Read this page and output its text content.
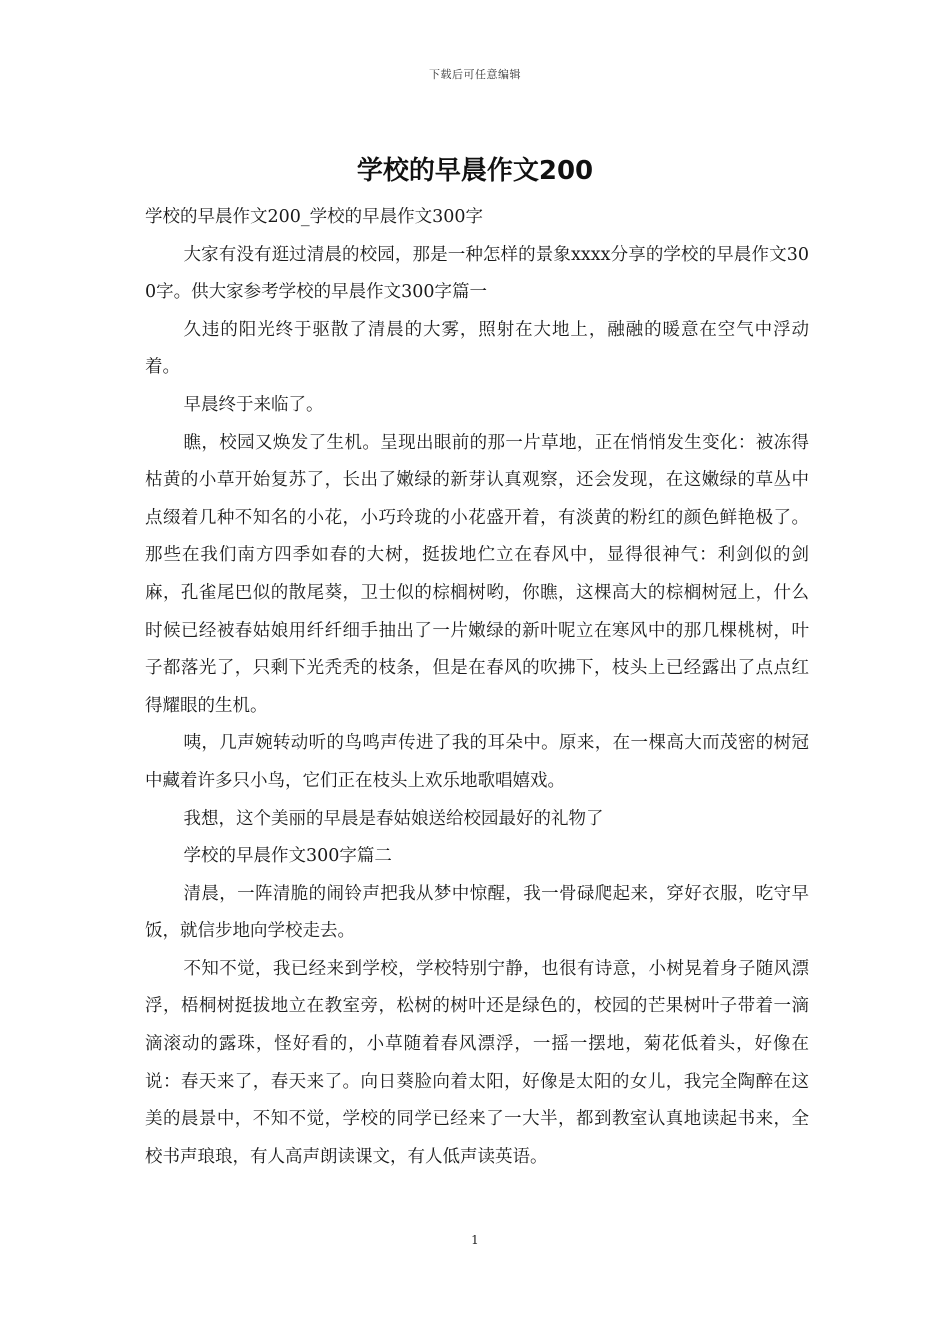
下载后可任意编辑
学校的早晨作文200

学校的早晨作文200_学校的早晨作文300字

大家有没有逛过清晨的校园，那是一种怎样的景象xxxx分享的学校的早晨作文300字。供大家参考学校的早晨作文300字篇一

久违的阳光终于驱散了清晨的大雾，照射在大地上，融融的暖意在空气中浮动着。

早晨终于来临了。

瞧，校园又焕发了生机。呈现出眼前的那一片草地，正在悄悄发生变化：被冻得枯黄的小草开始复苏了，长出了嫩绿的新芽认真观察，还会发现，在这嫩绿的草丛中点缀着几种不知名的小花，小巧玲珑的小花盛开着，有淡黄的粉红的颜色鲜艳极了。那些在我们南方四季如春的大树，挺拔地伫立在春风中，显得很神气：利剑似的剑麻，孔雀尾巴似的散尾葵，卫士似的棕榈树哟，你瞧，这棵高大的棕榈树冠上，什么时候已经被春姑娘用纤纤细手抽出了一片嫩绿的新叶呢立在寒风中的那几棵桃树，叶子都落光了，只剩下光秃秃的枝条，但是在春风的吹拂下，枝头上已经露出了点点红得耀眼的生机。

咦，几声婉转动听的鸟鸣声传进了我的耳朵中。原来，在一棵高大而茂密的树冠中藏着许多只小鸟，它们正在枝头上欢乐地歌唱嬉戏。

我想，这个美丽的早晨是春姑娘送给校园最好的礼物了

学校的早晨作文300字篇二

清晨，一阵清脆的闹铃声把我从梦中惊醒，我一骨碌爬起来，穿好衣服，吃守早饭，就信步地向学校走去。

不知不觉，我已经来到学校，学校特别宁静，也很有诗意，小树晃着身子随风漂浮，梧桐树挺拔地立在教室旁，松树的树叶还是绿色的，校园的芒果树叶子带着一滴滴滚动的露珠，怪好看的，小草随着春风漂浮，一摇一摆地，菊花低着头，好像在说：春天来了，春天来了。向日葵脸向着太阳，好像是太阳的女儿，我完全陶醉在这美的晨景中，不知不觉，学校的同学已经来了一大半，都到教室认真地读起书来，全校书声琅琅，有人高声朗读课文，有人低声读英语。

1
